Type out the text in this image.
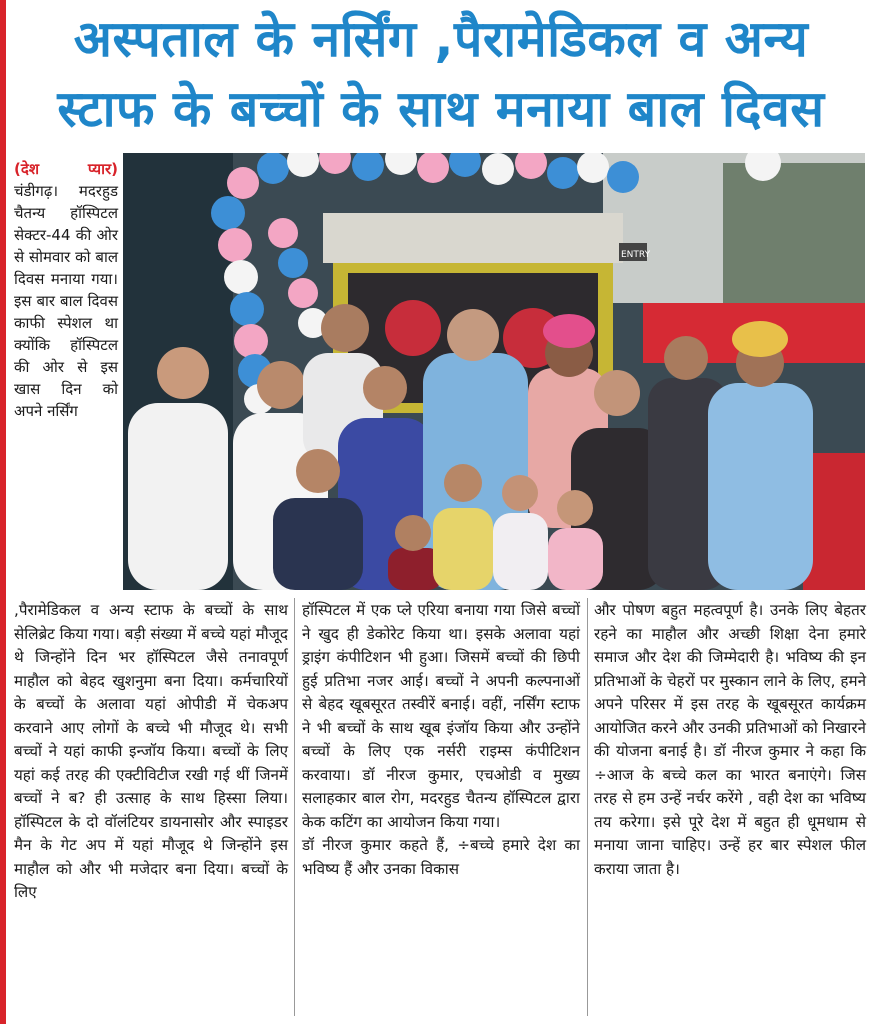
अस्पताल के नर्सिंग ,पैरामेडिकल व अन्य
स्टाफ के बच्चों के साथ मनाया बाल दिवस
(देश प्यार) चंडीगढ़। मदरहुड चैतन्य हॉस्पिटल सेक्टर-44 की ओर से सोमवार को बाल दिवस मनाया गया। इस बार बाल दिवस काफी स्पेशल था क्योंकि हॉस्पिटल की ओर से इस खास दिन को अपने नर्सिंग
ENTRY

,पैरामेडिकल व अन्य स्टाफ के बच्चों के साथ सेलिब्रेट किया गया। बड़ी संख्या में बच्चे यहां मौजूद थे जिन्होंने दिन भर हॉस्पिटल जैसे तनावपूर्ण माहौल को बेहद खुशनुमा बना दिया। कर्मचारियों के बच्चों के अलावा यहां ओपीडी में चेकअप करवाने आए लोगों के बच्चे भी मौजूद थे। सभी बच्चों ने यहां काफी इन्जॉय किया। बच्चों के लिए यहां कई तरह की एक्टीविटीज रखी गई थीं जिनमें बच्चों ने ब? ही उत्साह के साथ हिस्सा लिया। हॉस्पिटल के दो वॉलंटियर डायनासोर और स्पाइडर मैन के गेट अप में यहां मौजूद थे जिन्होंने इस माहौल को और भी मजेदार बना दिया। बच्चों के लिए

हॉस्पिटल में एक प्ले एरिया बनाया गया जिसे बच्चों ने खुद ही डेकोरेट किया था। इसके अलावा यहां ड्राइंग कंपीटिशन भी हुआ। जिसमें बच्चों की छिपी हुई प्रतिभा नजर आई। बच्चों ने अपनी कल्पनाओं से बेहद खूबसूरत तस्वीरें बनाई। वहीं, नर्सिंग स्टाफ ने भी बच्चों के साथ खूब इंजॉय किया और उन्होंने बच्चों के लिए एक नर्सरी राइम्स कंपीटिशन करवाया। डॉ नीरज कुमार, एचओडी व मुख्य सलाहकार बाल रोग, मदरहुड चैतन्य हॉस्पिटल द्वारा केक कटिंग का आयोजन किया गया।

डॉ नीरज कुमार कहते हैं, ÷बच्चे हमारे देश का भविष्य हैं और उनका विकास

और पोषण बहुत महत्वपूर्ण है। उनके लिए बेहतर रहने का माहौल और अच्छी शिक्षा देना हमारे समाज और देश की जिम्मेदारी है। भविष्य की इन प्रतिभाओं के चेहरों पर मुस्कान लाने के लिए, हमने अपने परिसर में इस तरह के खूबसूरत कार्यक्रम आयोजित करने और उनकी प्रतिभाओं को निखारने की योजना बनाई है। डॉ नीरज कुमार ने कहा कि ÷आज के बच्चे कल का भारत बनाएंगे। जिस तरह से हम उन्हें नर्चर करेंगे , वही देश का भविष्य तय करेगा। इसे पूरे देश में बहुत ही धूमधाम से मनाया जाना चाहिए। उन्हें हर बार स्पेशल फील कराया जाता है।
